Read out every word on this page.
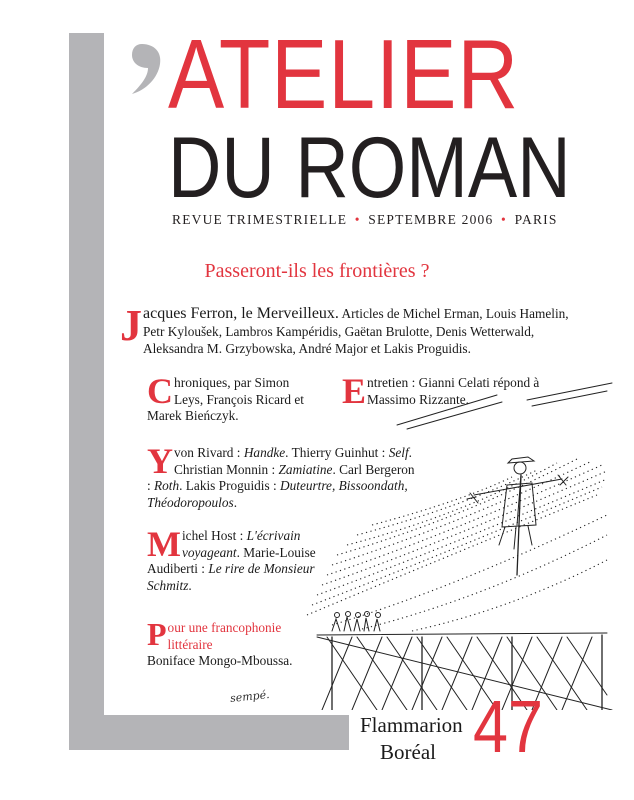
ATELIER
DU ROMAN
REVUE TRIMESTRIELLE • SEPTEMBRE 2006 • PARIS
Passeront-ils les frontières ?
Jacques Ferron, le Merveilleux. Articles de Michel Erman, Louis Hamelin, Petr Kyloušek, Lambros Kampéridis, Gaëtan Brulotte, Denis Wetterwald, Aleksandra M. Grzybowska, André Major et Lakis Proguidis.
Chroniques, par Simon Leys, François Ricard et Marek Bieńczyk.
Entretien : Gianni Celati répond à Massimo Rizzante.
Yvon Rivard : Handke. Thierry Guinhut : Self. Christian Monnin : Zamiatine. Carl Bergeron : Roth. Lakis Proguidis : Duteurtre, Bissoondath, Théodoropoulos.
Michel Host : L'écrivain voyageant. Marie-Louise Audiberti : Le rire de Monsieur Schmitz.
Pour une francophonie littéraire
Boniface Mongo-Mboussa.
sempé.
Flammarion
Boréal 47
